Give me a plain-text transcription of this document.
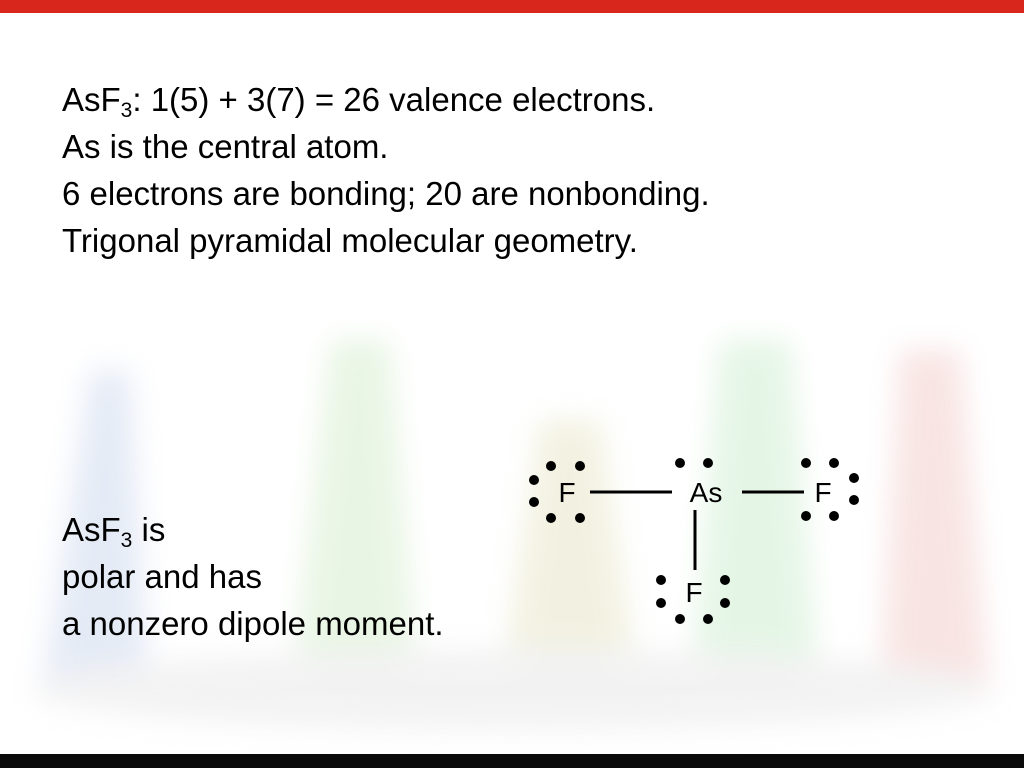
AsF$_3$: 1(5) + 3(7) = 26 valence electrons.
As is the central atom.
6 electrons are bonding; 20 are nonbonding.
Trigonal pyramidal molecular geometry.
AsF$_3$ is
polar and has
a nonzero dipole moment.
F	As	F
F
